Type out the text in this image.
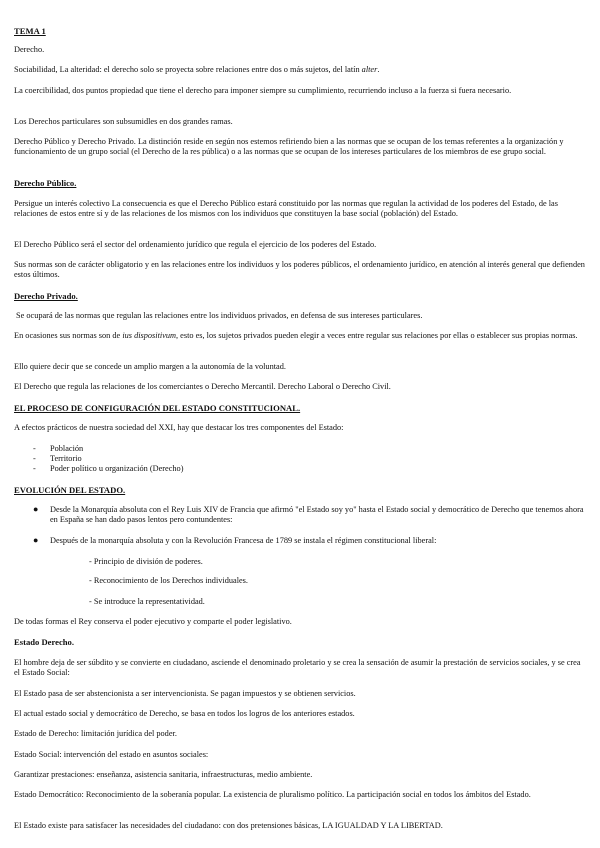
TEMA 1

Derecho.

Sociabilidad, La alteridad: el derecho solo se proyecta sobre relaciones entre dos o más sujetos, del latín alter.

La coercibilidad, dos puntos propiedad que tiene el derecho para imponer siempre su cumplimiento, recurriendo incluso a la fuerza si fuera necesario.

Los Derechos particulares son subsumidles en dos grandes ramas.

Derecho Público y Derecho Privado. La distinción reside en según nos estemos refiriendo bien a las normas que se ocupan de los temas referentes a la organización y funcionamiento de un grupo social (el Derecho de la res pública) o a las normas que se ocupan de los intereses particulares de los miembros de ese grupo social.

Derecho Público.

Persigue un interés colectivo La consecuencia es que el Derecho Público estará constituido por las normas que regulan la actividad de los poderes del Estado, de las relaciones de estos entre sí y de las relaciones de los mismos con los individuos que constituyen la base social (población) del Estado.

El Derecho Público será el sector del ordenamiento jurídico que regula el ejercicio de los poderes del Estado.

Sus normas son de carácter obligatorio y en las relaciones entre los individuos y los poderes públicos, el ordenamiento jurídico, en atención al interés general que defienden estos últimos.

Derecho Privado.

Se ocupará de las normas que regulan las relaciones entre los individuos privados, en defensa de sus intereses particulares.

En ocasiones sus normas son de ius dispositivum, esto es, los sujetos privados pueden elegir a veces entre regular sus relaciones por ellas o establecer sus propias normas.

Ello quiere decir que se concede un amplio margen a la autonomía de la voluntad.

El Derecho que regula las relaciones de los comerciantes o Derecho Mercantil. Derecho Laboral o Derecho Civil.

EL PROCESO DE CONFIGURACIÓN DEL ESTADO CONSTITUCIONAL.

A efectos prácticos de nuestra sociedad del XXI, hay que destacar los tres componentes del Estado:

- Población
- Territorio
- Poder político u organización (Derecho)

EVOLUCIÓN DEL ESTADO.

● Desde la Monarquía absoluta con el Rey Luis XIV de Francia que afirmó "el Estado soy yo" hasta el Estado social y democrático de Derecho que tenemos ahora en España se han dado pasos lentos pero contundentes:
● Después de la monarquía absoluta y con la Revolución Francesa de 1789 se instala el régimen constitucional liberal:

- Principio de división de poderes.

- Reconocimiento de los Derechos individuales.

- Se introduce la representatividad.

De todas formas el Rey conserva el poder ejecutivo y comparte el poder legislativo.

Estado Derecho.

El hombre deja de ser súbdito y se convierte en ciudadano, asciende el denominado proletario y se crea la sensación de asumir la prestación de servicios sociales, y se crea el Estado Social:

El Estado pasa de ser abstencionista a ser intervencionista. Se pagan impuestos y se obtienen servicios.

El actual estado social y democrático de Derecho, se basa en todos los logros de los anteriores estados.

Estado de Derecho: limitación jurídica del poder.

Estado Social: intervención del estado en asuntos sociales:

Garantizar prestaciones: enseñanza, asistencia sanitaria, infraestructuras, medio ambiente.

Estado Democrático: Reconocimiento de la soberanía popular. La existencia de pluralismo político. La participación social en todos los ámbitos del Estado.

El Estado existe para satisfacer las necesidades del ciudadano: con dos pretensiones básicas, LA IGUALDAD Y LA LIBERTAD.
